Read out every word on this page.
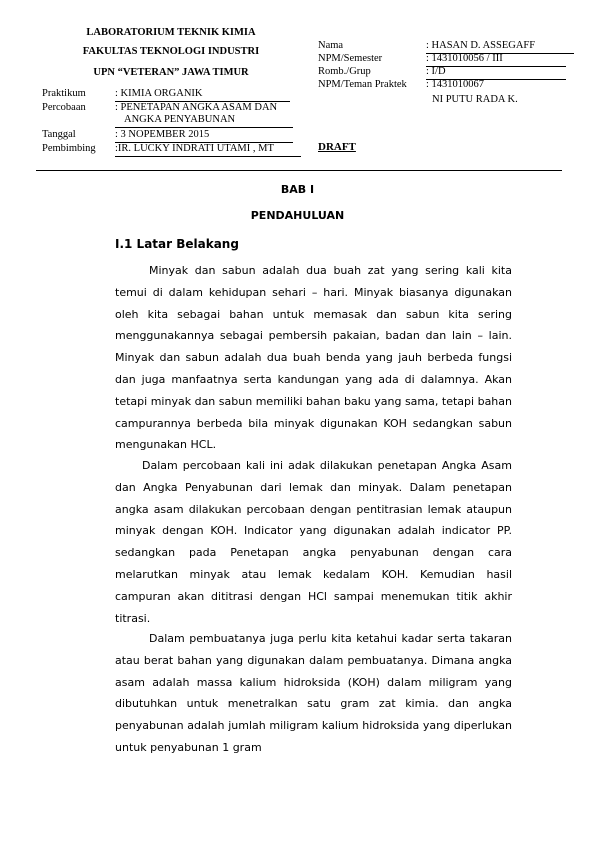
LABORATORIUM TEKNIK KIMIA
FAKULTAS TEKNOLOGI INDUSTRI
UPN “VETERAN” JAWA TIMUR
Praktikum	: KIMIA ORGANIK
Percobaan	: PENETAPAN ANGKA ASAM DAN
ANGKA PENYABUNAN
Tanggal	: 3 NOPEMBER 2015
Pembimbing :IR. LUCKY INDRATI UTAMI , MT
Nama	: HASAN D. ASSEGAFF
NPM/Semester	: 1431010056 / III
Romb./Grup	: I/D
NPM/Teman Praktek : 1431010067
NI PUTU RADA K.
DRAFT
BAB I
PENDAHULUAN
I.1 Latar Belakang

Minyak dan sabun adalah dua buah zat yang sering kali kita temui di dalam kehidupan sehari – hari. Minyak biasanya digunakan oleh kita sebagai bahan untuk memasak dan sabun kita sering menggunakannya sebagai pembersih pakaian, badan dan lain – lain. Minyak dan sabun adalah dua buah benda yang jauh berbeda fungsi dan juga manfaatnya serta kandungan yang ada di dalamnya. Akan tetapi minyak dan sabun memiliki bahan baku yang sama, tetapi bahan campurannya berbeda bila minyak digunakan KOH sedangkan sabun mengunakan HCL.

Dalam percobaan kali ini adak dilakukan penetapan Angka Asam dan Angka Penyabunan dari lemak dan minyak. Dalam penetapan angka asam dilakukan percobaan dengan pentitrasian lemak ataupun minyak dengan KOH. Indicator yang digunakan adalah indicator PP. sedangkan pada Penetapan angka penyabunan dengan cara melarutkan minyak atau lemak kedalam KOH. Kemudian hasil campuran akan dititrasi dengan HCl sampai menemukan titik akhir titrasi.

Dalam pembuatanya juga perlu kita ketahui kadar serta takaran atau berat bahan yang digunakan dalam pembuatanya. Dimana angka asam adalah massa kalium hidroksida (KOH) dalam miligram yang dibutuhkan untuk menetralkan satu gram zat kimia. dan angka penyabunan adalah jumlah miligram kalium hidroksida yang diperlukan untuk penyabunan 1 gram
